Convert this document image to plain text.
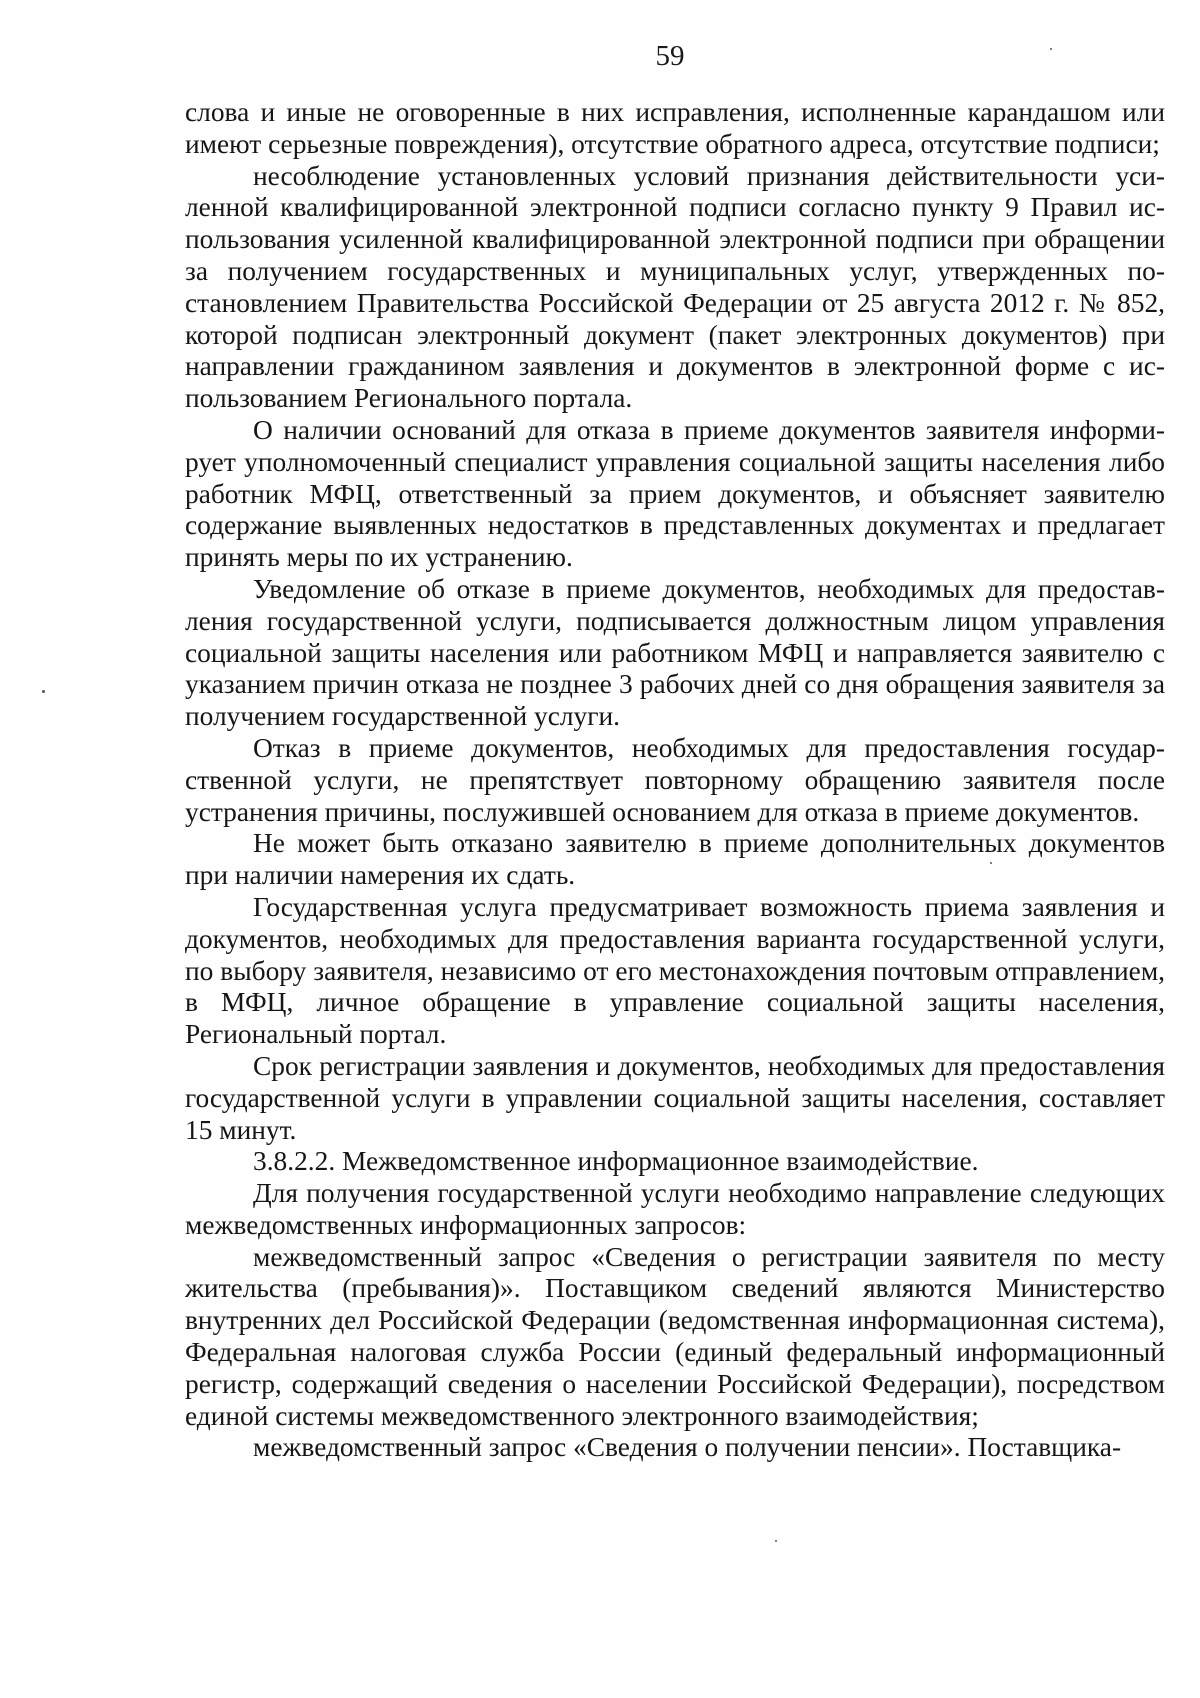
59

слова и иные не оговоренные в них исправления, исполненные карандашом или имеют серьезные повреждения), отсутствие обратного адреса, отсутствие подписи;

несоблюдение установленных условий признания действительности усиленной квалифицированной электронной подписи согласно пункту 9 Правил использования усиленной квалифицированной электронной подписи при обращении за получением государственных и муниципальных услуг, утвержденных постановлением Правительства Российской Федерации от 25 августа 2012 г. № 852, которой подписан электронный документ (пакет электронных документов) при направлении гражданином заявления и документов в электронной форме с использованием Регионального портала.

О наличии оснований для отказа в приеме документов заявителя информирует уполномоченный специалист управления социальной защиты населения либо работник МФЦ, ответственный за прием документов, и объясняет заявителю содержание выявленных недостатков в представленных документах и предлагает принять меры по их устранению.

Уведомление об отказе в приеме документов, необходимых для предоставления государственной услуги, подписывается должностным лицом управления социальной защиты населения или работником МФЦ и направляется заявителю с указанием причин отказа не позднее 3 рабочих дней со дня обращения заявителя за получением государственной услуги.

Отказ в приеме документов, необходимых для предоставления государственной услуги, не препятствует повторному обращению заявителя после устранения причины, послужившей основанием для отказа в приеме документов.

Не может быть отказано заявителю в приеме дополнительных документов при наличии намерения их сдать.

Государственная услуга предусматривает возможность приема заявления и документов, необходимых для предоставления варианта государственной услуги, по выбору заявителя, независимо от его местонахождения почтовым отправлением, в МФЦ, личное обращение в управление социальной защиты населения, Региональный портал.

Срок регистрации заявления и документов, необходимых для предоставления государственной услуги в управлении социальной защиты населения, составляет 15 минут.

3.8.2.2. Межведомственное информационное взаимодействие.

Для получения государственной услуги необходимо направление следующих межведомственных информационных запросов:

межведомственный запрос «Сведения о регистрации заявителя по месту жительства (пребывания)». Поставщиком сведений являются Министерство внутренних дел Российской Федерации (ведомственная информационная система), Федеральная налоговая служба России (единый федеральный информационный регистр, содержащий сведения о населении Российской Федерации), посредством единой системы межведомственного электронного взаимодействия;

межведомственный запрос «Сведения о получении пенсии». Поставщика-
